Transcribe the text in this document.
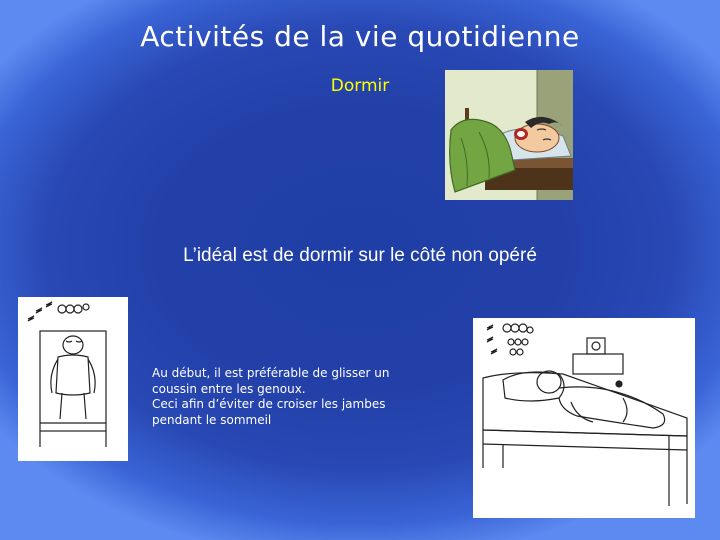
Activités de la vie quotidienne
Dormir
L’idéal est de dormir sur le côté non opéré
Au début, il est préférable de glisser un
coussin entre les genoux.
Ceci afin d’éviter de croiser les jambes
pendant le sommeil
